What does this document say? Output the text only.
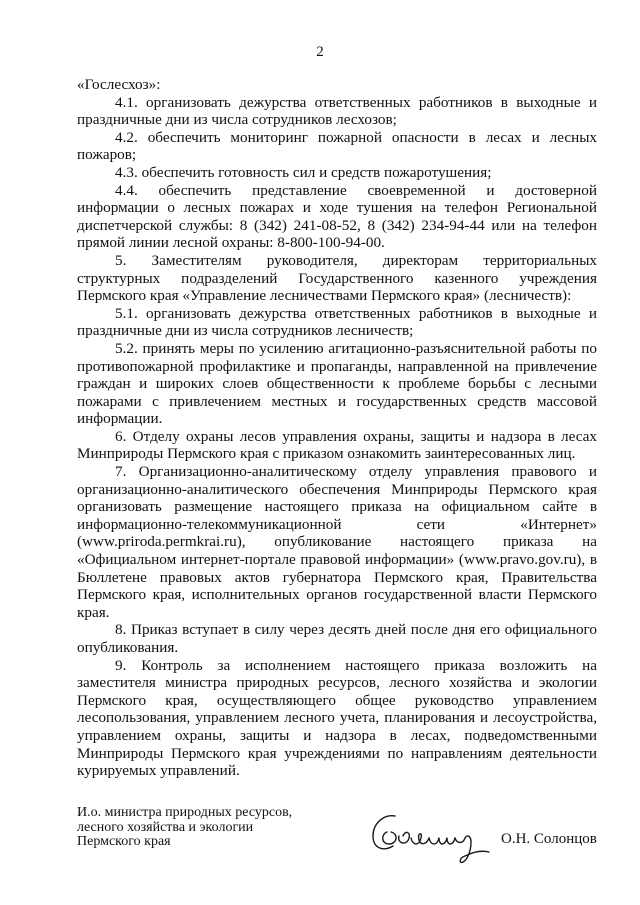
2

«Гослесхоз»:

4.1. организовать дежурства ответственных работников в выходные и праздничные дни из числа сотрудников лесхозов;

4.2. обеспечить мониторинг пожарной опасности в лесах и лесных пожаров;

4.3. обеспечить готовность сил и средств пожаротушения;

4.4. обеспечить представление своевременной и достоверной информации о лесных пожарах и ходе тушения на телефон Региональной диспетчерской службы: 8 (342) 241-08-52, 8 (342) 234-94-44 или на телефон прямой линии лесной охраны: 8-800-100-94-00.

5. Заместителям руководителя, директорам территориальных структурных подразделений Государственного казенного учреждения Пермского края «Управление лесничествами Пермского края» (лесничеств):

5.1. организовать дежурства ответственных работников в выходные и праздничные дни из числа сотрудников лесничеств;

5.2. принять меры по усилению агитационно-разъяснительной работы по противопожарной профилактике и пропаганды, направленной на привлечение граждан и широких слоев общественности к проблеме борьбы с лесными пожарами с привлечением местных и государственных средств массовой информации.

6. Отделу охраны лесов управления охраны, защиты и надзора в лесах Минприроды Пермского края с приказом ознакомить заинтересованных лиц.

7. Организационно-аналитическому отделу управления правового и организационно-аналитического обеспечения Минприроды Пермского края организовать размещение настоящего приказа на официальном сайте в информационно-телекоммуникационной сети «Интернет» (www.priroda.permkrai.ru), опубликование настоящего приказа на «Официальном интернет-портале правовой информации» (www.pravo.gov.ru), в Бюллетене правовых актов губернатора Пермского края, Правительства Пермского края, исполнительных органов государственной власти Пермского края.

8. Приказ вступает в силу через десять дней после дня его официального опубликования.

9. Контроль за исполнением настоящего приказа возложить на заместителя министра природных ресурсов, лесного хозяйства и экологии Пермского края, осуществляющего общее руководство управлением лесопользования, управлением лесного учета, планирования и лесоустройства, управлением охраны, защиты и надзора в лесах, подведомственными Минприроды Пермского края учреждениями по направлениям деятельности курируемых управлений.

И.о. министра природных ресурсов,
лесного хозяйства и экологии
Пермского края	О.Н. Солонцов
